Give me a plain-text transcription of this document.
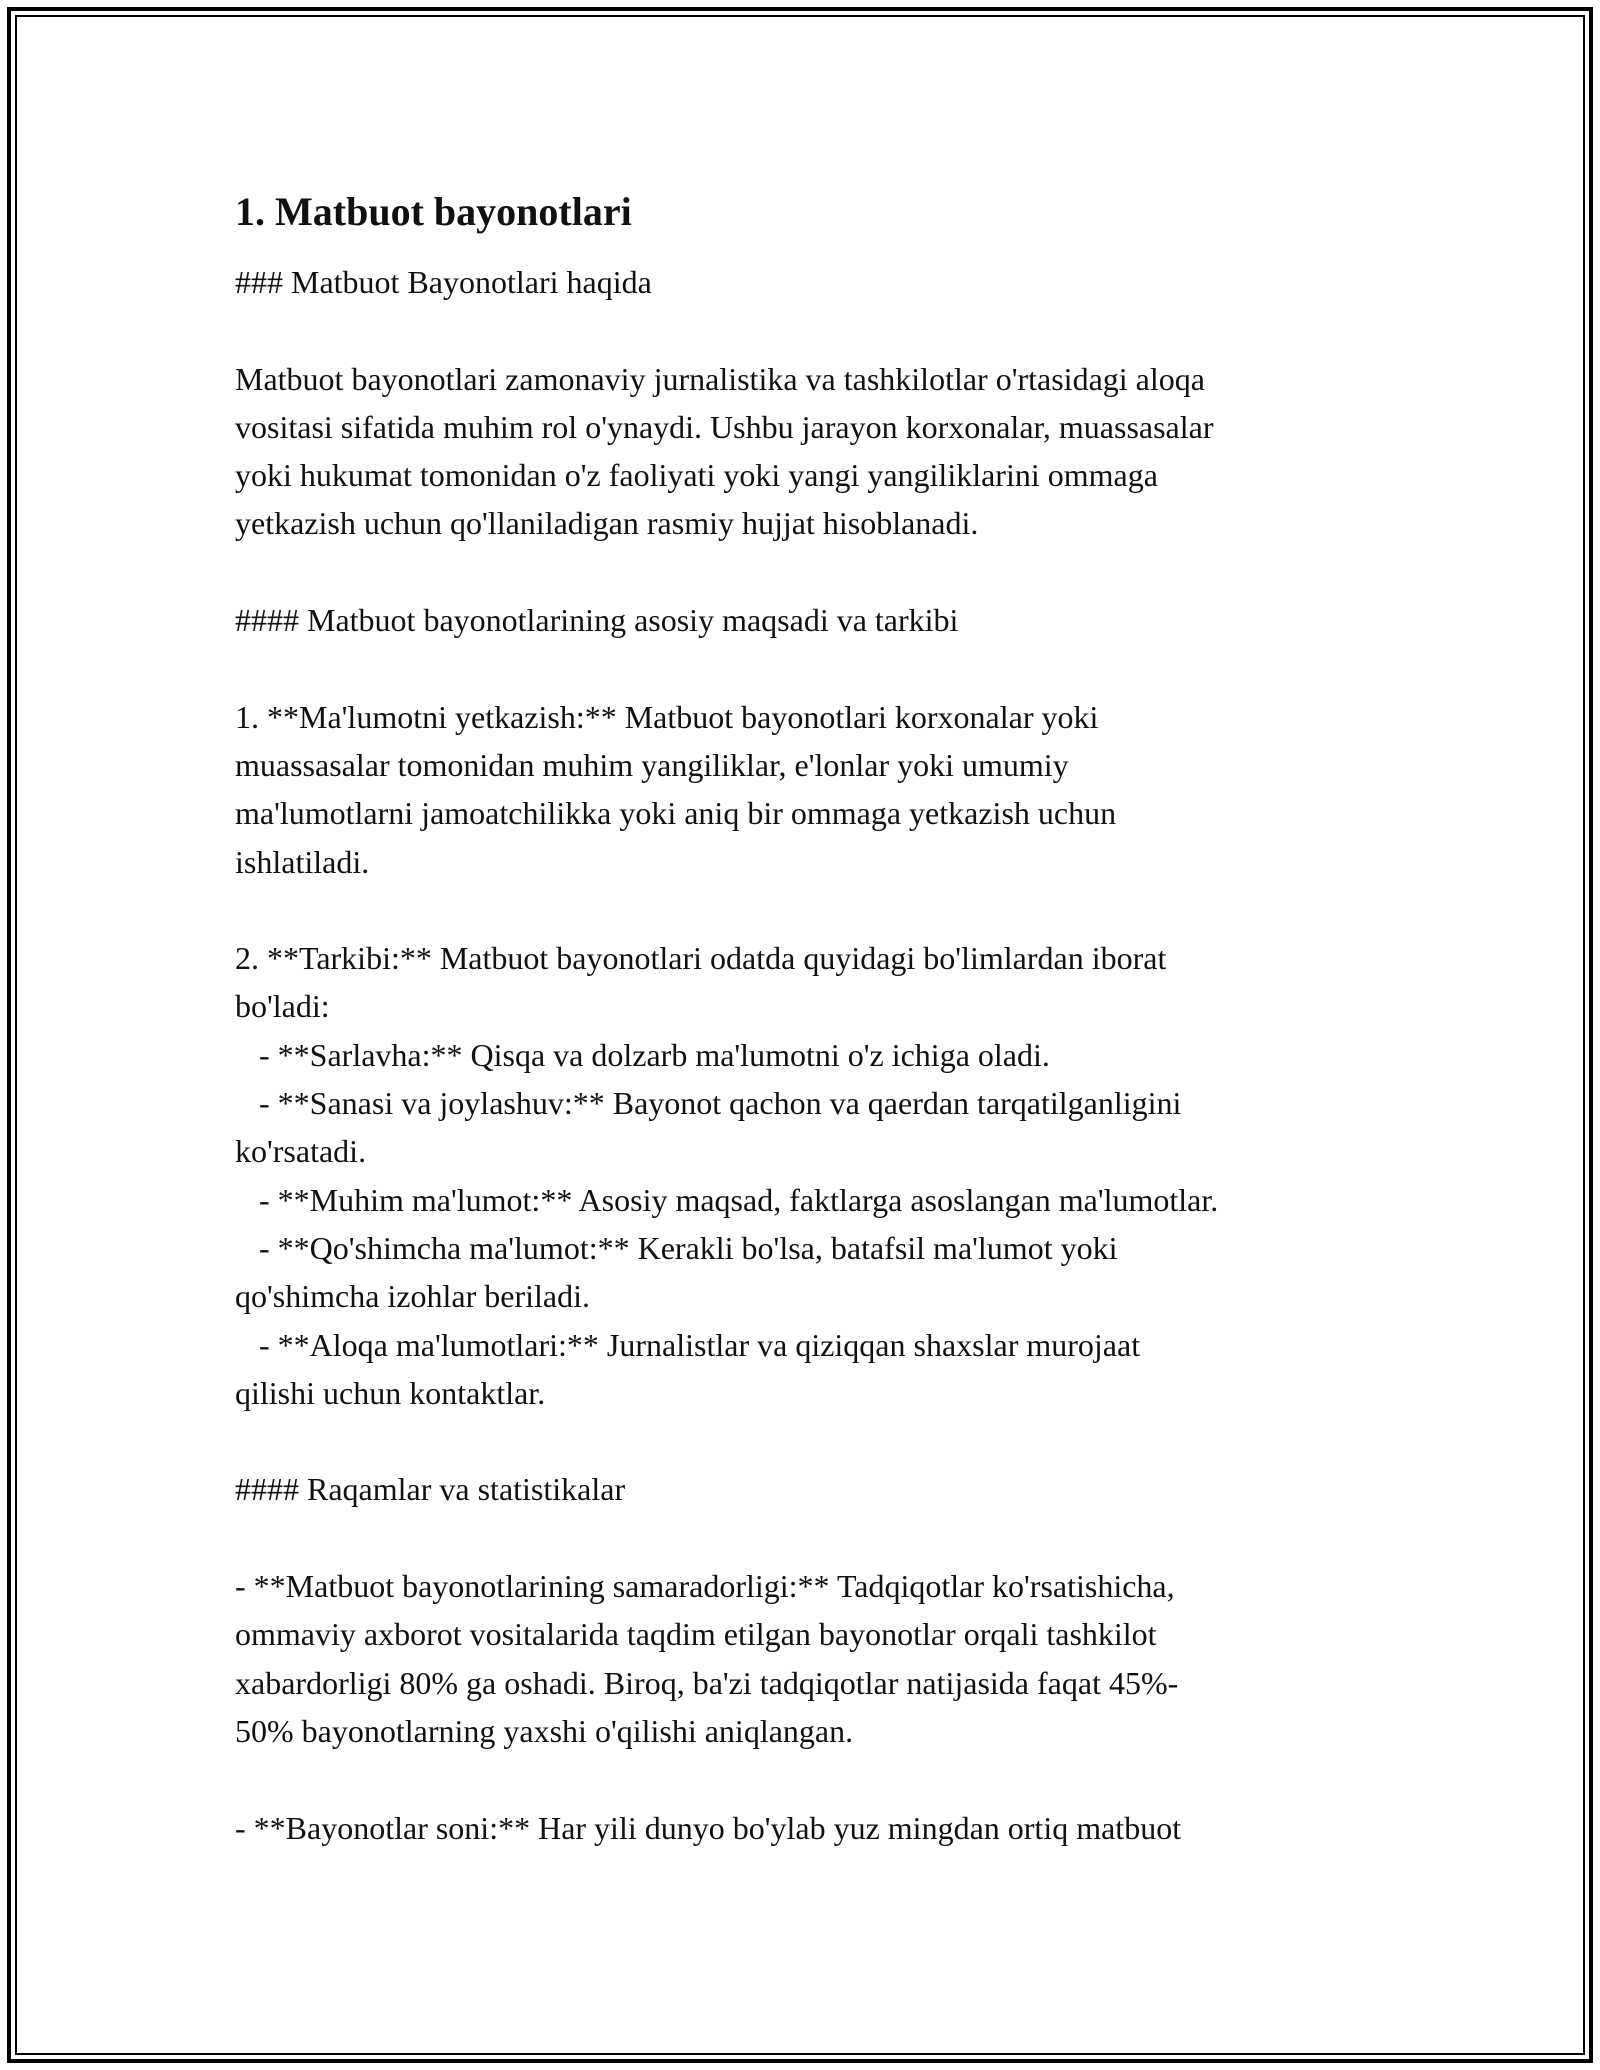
1. Matbuot bayonotlari
### Matbuot Bayonotlari haqida
Matbuot bayonotlari zamonaviy jurnalistika va tashkilotlar o'rtasidagi aloqa
vositasi sifatida muhim rol o'ynaydi. Ushbu jarayon korxonalar, muassasalar
yoki hukumat tomonidan o'z faoliyati yoki yangi yangiliklarini ommaga
yetkazish uchun qo'llaniladigan rasmiy hujjat hisoblanadi.
#### Matbuot bayonotlarining asosiy maqsadi va tarkibi
1. **Ma'lumotni yetkazish:** Matbuot bayonotlari korxonalar yoki
muassasalar tomonidan muhim yangiliklar, e'lonlar yoki umumiy
ma'lumotlarni jamoatchilikka yoki aniq bir ommaga yetkazish uchun
ishlatiladi.
2. **Tarkibi:** Matbuot bayonotlari odatda quyidagi bo'limlardan iborat
bo'ladi:
- **Sarlavha:** Qisqa va dolzarb ma'lumotni o'z ichiga oladi.
- **Sanasi va joylashuv:** Bayonot qachon va qaerdan tarqatilganligini
ko'rsatadi.
- **Muhim ma'lumot:** Asosiy maqsad, faktlarga asoslangan ma'lumotlar.
- **Qo'shimcha ma'lumot:** Kerakli bo'lsa, batafsil ma'lumot yoki
qo'shimcha izohlar beriladi.
- **Aloqa ma'lumotlari:** Jurnalistlar va qiziqqan shaxslar murojaat
qilishi uchun kontaktlar.
#### Raqamlar va statistikalar
- **Matbuot bayonotlarining samaradorligi:** Tadqiqotlar ko'rsatishicha,
ommaviy axborot vositalarida taqdim etilgan bayonotlar orqali tashkilot
xabardorligi 80% ga oshadi. Biroq, ba'zi tadqiqotlar natijasida faqat 45%-
50% bayonotlarning yaxshi o'qilishi aniqlangan.
- **Bayonotlar soni:** Har yili dunyo bo'ylab yuz mingdan ortiq matbuot
